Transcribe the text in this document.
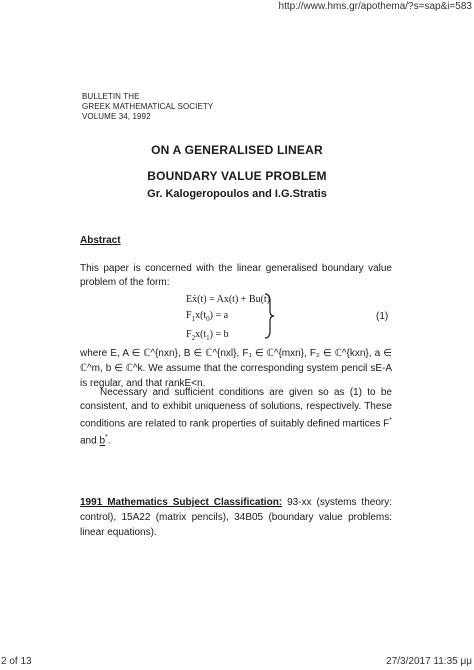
http://www.hms.gr/apothema/?s=sap&i=583
BULLETIN THE
GREEK MATHEMATICAL SOCIETY
VOLUME 34, 1992
ON A GENERALISED LINEAR
BOUNDARY VALUE PROBLEM
Gr. Kalogeropoulos and I.G.Stratis
Abstract
This paper is concerned with the linear generalised boundary value problem of the form:
Eẋ(t) = Ax(t) + Bu(t)
$F_1x(t_0) = a$
$F_2x(t_1) = b$
(1)
where E, A ∈ ℂ^{nxn}, B ∈ ℂ^{nxl}, F₁ ∈ ℂ^{mxn}, F₂ ∈ ℂ^{kxn}, a ∈ ℂ^m, b ∈ ℂ^k. We assume that the corresponding system pencil sE-A is regular, and that rankE<n.
Necessary and sufficient conditions are given so as (1) to be consistent, and to exhibit uniqueness of solutions, respectively. These conditions are related to rank properties of suitably defined martices F* and b*.
1991 Mathematics Subject Classification: 93-xx (systems theory: control), 15A22 (matrix pencils), 34B05 (boundary value problems: linear equations).
2 of 13	27/3/2017 11:35 μμ
